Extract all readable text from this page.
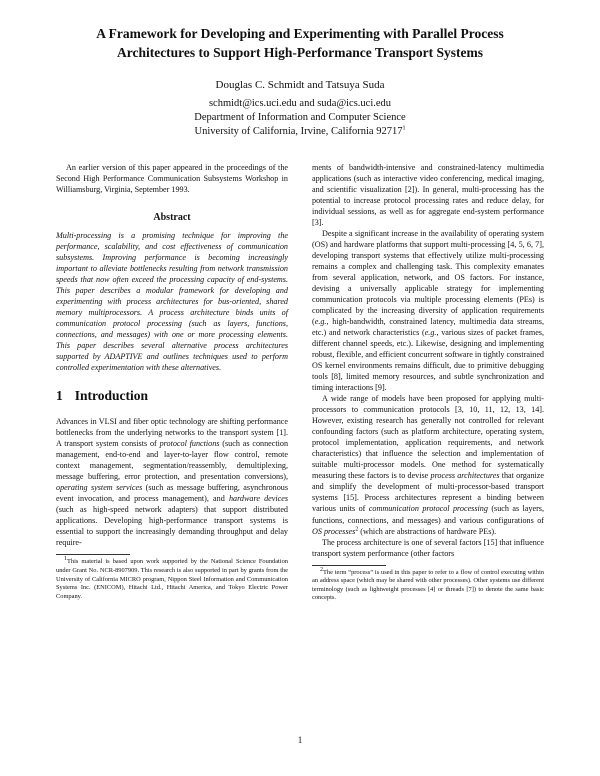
A Framework for Developing and Experimenting with Parallel Process
Architectures to Support High-Performance Transport Systems
Douglas C. Schmidt and Tatsuya Suda
schmidt@ics.uci.edu and suda@ics.uci.edu
Department of Information and Computer Science
University of California, Irvine, California 92717$^1$

An earlier version of this paper appeared in the proceedings of the Second High Performance Communication Subsystems Workshop in Williamsburg, Virginia, September 1993.

Abstract

Multi-processing is a promising technique for improving the performance, scalability, and cost effectiveness of communication subsystems. Improving performance is becoming increasingly important to alleviate bottlenecks resulting from network transmission speeds that now often exceed the processing capacity of end-systems. This paper describes a modular framework for developing and experimenting with process architectures for bus-oriented, shared memory multiprocessors. A process architecture binds units of communication protocol processing (such as layers, functions, connections, and messages) with one or more processing elements. This paper describes several alternative process architectures supported by ADAPTIVE and outlines techniques used to perform controlled experimentation with these alternatives.

1 Introduction

Advances in VLSI and fiber optic technology are shifting performance bottlenecks from the underlying networks to the transport system [1]. A transport system consists of protocol functions (such as connection management, end-to-end and layer-to-layer flow control, remote context management, segmentation/reassembly, demultiplexing, message buffering, error protection, and presentation conversions), operating system services (such as message buffering, asynchronous event invocation, and process management), and hardware devices (such as high-speed network adapters) that support distributed applications. Developing high-performance transport systems is essential to support the increasingly demanding throughput and delay require-

$^1$This material is based upon work supported by the National Science Foundation under Grant No. NCR-8907909. This research is also supported in part by grants from the University of California MICRO program, Nippon Steel Information and Communication Systems Inc. (ENICOM), Hitachi Ltd., Hitachi America, and Tokyo Electric Power Company.

ments of bandwidth-intensive and constrained-latency multimedia applications (such as interactive video conferencing, medical imaging, and scientific visualization [2]). In general, multi-processing has the potential to increase protocol processing rates and reduce delay, for individual sessions, as well as for aggregate end-system performance [3].

Despite a significant increase in the availability of operating system (OS) and hardware platforms that support multi-processing [4, 5, 6, 7], developing transport systems that effectively utilize multi-processing remains a complex and challenging task. This complexity emanates from several application, network, and OS factors. For instance, devising a universally applicable strategy for implementing communication protocols via multiple processing elements (PEs) is complicated by the increasing diversity of application requirements (e.g., high-bandwidth, constrained latency, multimedia data streams, etc.) and network characteristics (e.g., various sizes of packet frames, different channel speeds, etc.). Likewise, designing and implementing robust, flexible, and efficient concurrent software in tightly constrained OS kernel environments remains difficult, due to primitive debugging tools [8], limited memory resources, and subtle synchronization and timing interactions [9].

A wide range of models have been proposed for applying multi-processors to communication protocols [3, 10, 11, 12, 13, 14]. However, existing research has generally not controlled for relevant confounding factors (such as platform architecture, operating system, protocol implementation, application requirements, and network characteristics) that influence the selection and implementation of suitable multi-processor models. One method for systematically measuring these factors is to devise process architectures that organize and simplify the development of multi-processor-based transport systems [15]. Process architectures represent a binding between various units of communication protocol processing (such as layers, functions, connections, and messages) and various configurations of OS processes$^2$ (which are abstractions of hardware PEs).

The process architecture is one of several factors [15] that influence transport system performance (other factors

$^2$The term “process” is used in this paper to refer to a flow of control executing within an address space (which may be shared with other processes). Other systems use different terminology (such as lightweight processes [4] or threads [7]) to denote the same basic concepts.

1
